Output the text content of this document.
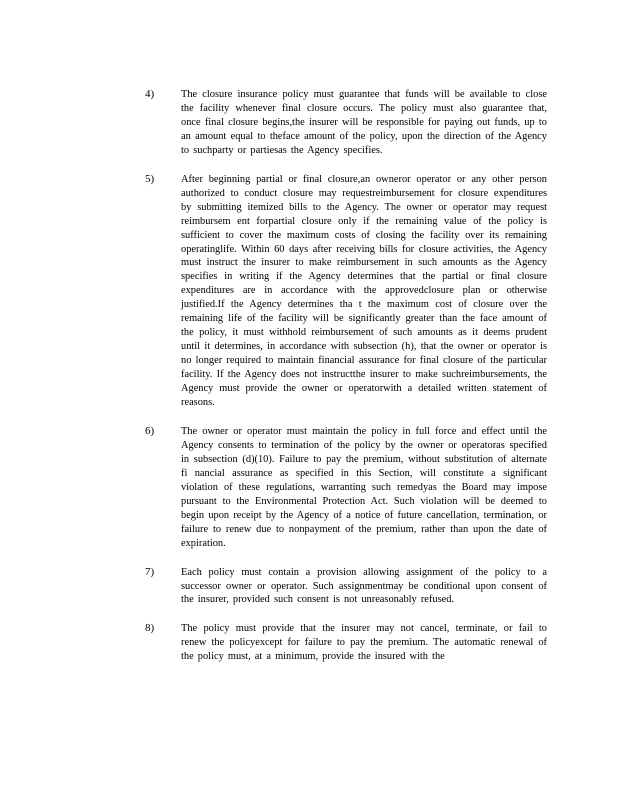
4)	The closure insurance policy must guarantee that funds will be available to close the facility whenever final closure occurs. The policy must also guarantee that, once final closure begins,the insurer will be responsible for paying out funds, up to an amount equal to theface amount of the policy, upon the direction of the Agency to suchparty or partiesas the Agency specifies.
5)	After beginning partial or final closure,an owneror operator or any other person authorized to conduct closure may requestreimbursement for closure expenditures by submitting itemized bills to the Agency. The owner or operator may request reimbursem ent forpartial closure only if the remaining value of the policy is sufficient to cover the maximum costs of closing the facility over its remaining operatinglife. Within 60 days after receiving bills for closure activities, the Agency must instruct the insurer to make reimbursement in such amounts as the Agency specifies in writing if the Agency determines that the partial or final closure expenditures are in accordance with the approvedclosure plan or otherwise justified.If the Agency determines tha t the maximum cost of closure over the remaining life of the facility will be significantly greater than the face amount of the policy, it must withhold reimbursement of such amounts as it deems prudent until it determines, in accordance with subsection (h), that the owner or operator is no longer required to maintain financial assurance for final closure of the particular facility. If the Agency does not instructthe insurer to make suchreimbursements, the Agency must provide the owner or operatorwith a detailed written statement of reasons.
6)	The owner or operator must maintain the policy in full force and effect until the Agency consents to termination of the policy by the owner or operatoras specified in subsection (d)(10). Failure to pay the premium, without substitution of alternate fi nancial assurance as specified in this Section, will constitute a significant violation of these regulations, warranting such remedyas the Board may impose pursuant to the Environmental Protection Act. Such violation will be deemed to begin upon receipt by the Agency of a notice of future cancellation, termination, or failure to renew due to nonpayment of the premium, rather than upon the date of expiration.
7)	Each policy must contain a provision allowing assignment of the policy to a successor owner or operator. Such assignmentmay be conditional upon consent of the insurer, provided such consent is not unreasonably refused.
8)	The policy must provide that the insurer may not cancel, terminate, or fail to renew the policyexcept for failure to pay the premium. The automatic renewal of the policy must, at a minimum, provide the insured with the
